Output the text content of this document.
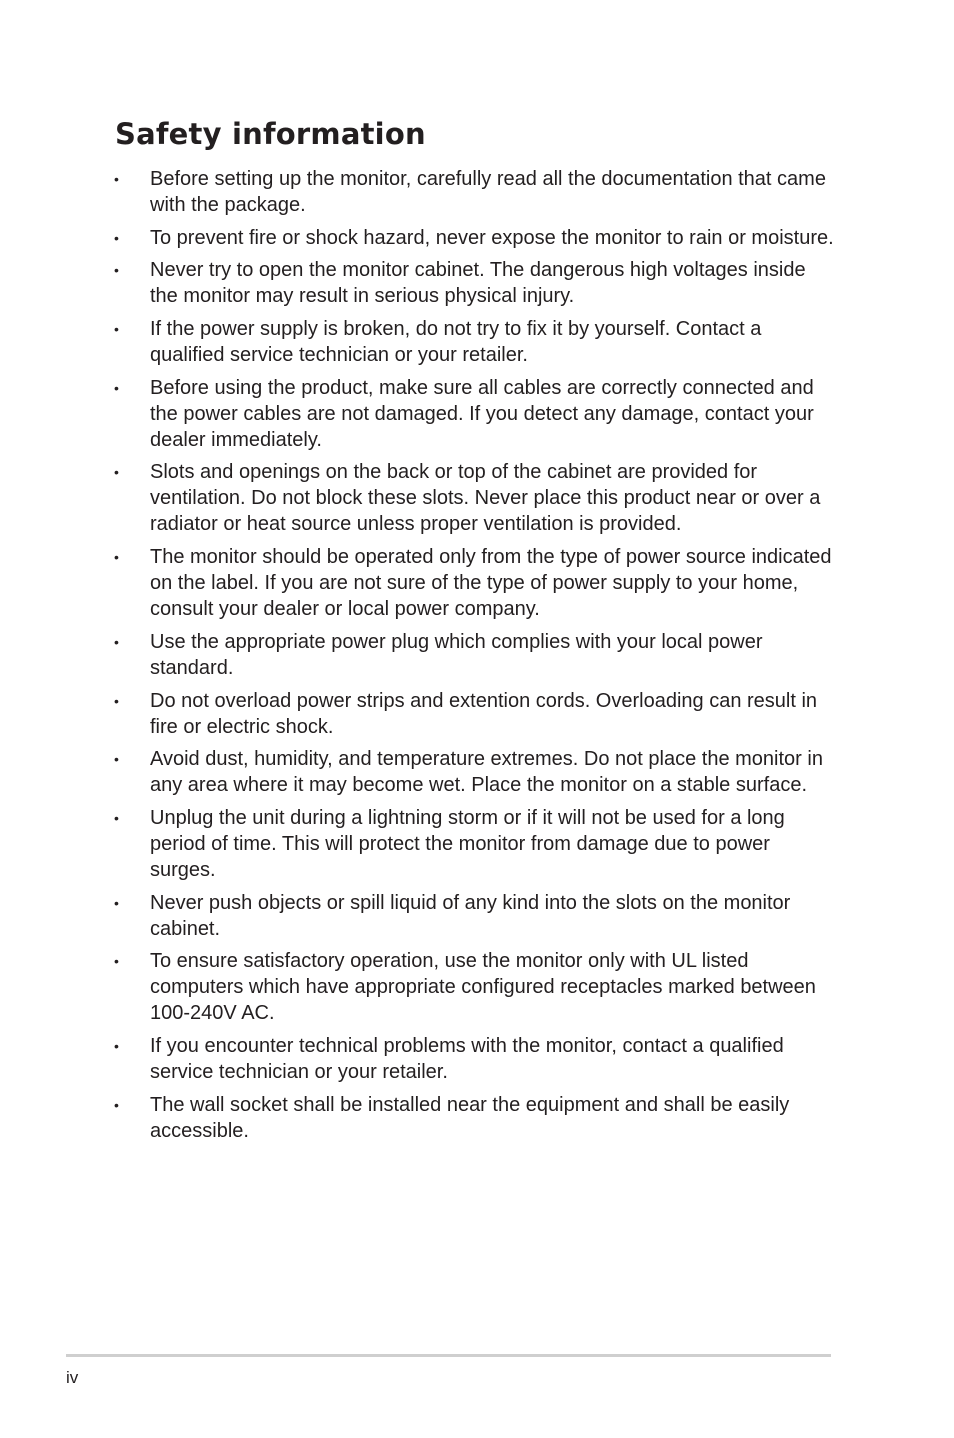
Safety information
•	Before setting up the monitor, carefully read all the documentation that came with the package.
•	To prevent fire or shock hazard, never expose the monitor to rain or moisture.
•	Never try to open the monitor cabinet. The dangerous high voltages inside the monitor may result in serious physical injury.
•	If the power supply is broken, do not try to fix it by yourself. Contact a qualified service technician or your retailer.
•	Before using the product, make sure all cables are correctly connected and the power cables are not damaged. If you detect any damage, contact your dealer immediately.
•	Slots and openings on the back or top of the cabinet are provided for ventilation. Do not block these slots. Never place this product near or over a radiator or heat source unless proper ventilation is provided.
•	The monitor should be operated only from the type of power source indicated on the label. If you are not sure of the type of power supply to your home, consult your dealer or local power company.
•	Use the appropriate power plug which complies with your local power standard.
•	Do not overload power strips and extention cords. Overloading can result in fire or electric shock.
•	Avoid dust, humidity, and temperature extremes. Do not place the monitor in any area where it may become wet. Place the monitor on a stable surface.
•	Unplug the unit during a lightning storm or if it will not be used for a long period of time. This will protect the monitor from damage due to power surges.
•	Never push objects or spill liquid of any kind into the slots on the monitor cabinet.
•	To ensure satisfactory operation, use the monitor only with UL listed computers which have appropriate configured receptacles marked between 100-240V AC.
•	If you encounter technical problems with the monitor, contact a qualified service technician or your retailer.
•	The wall socket shall be installed near the equipment and shall be easily accessible.
iv
